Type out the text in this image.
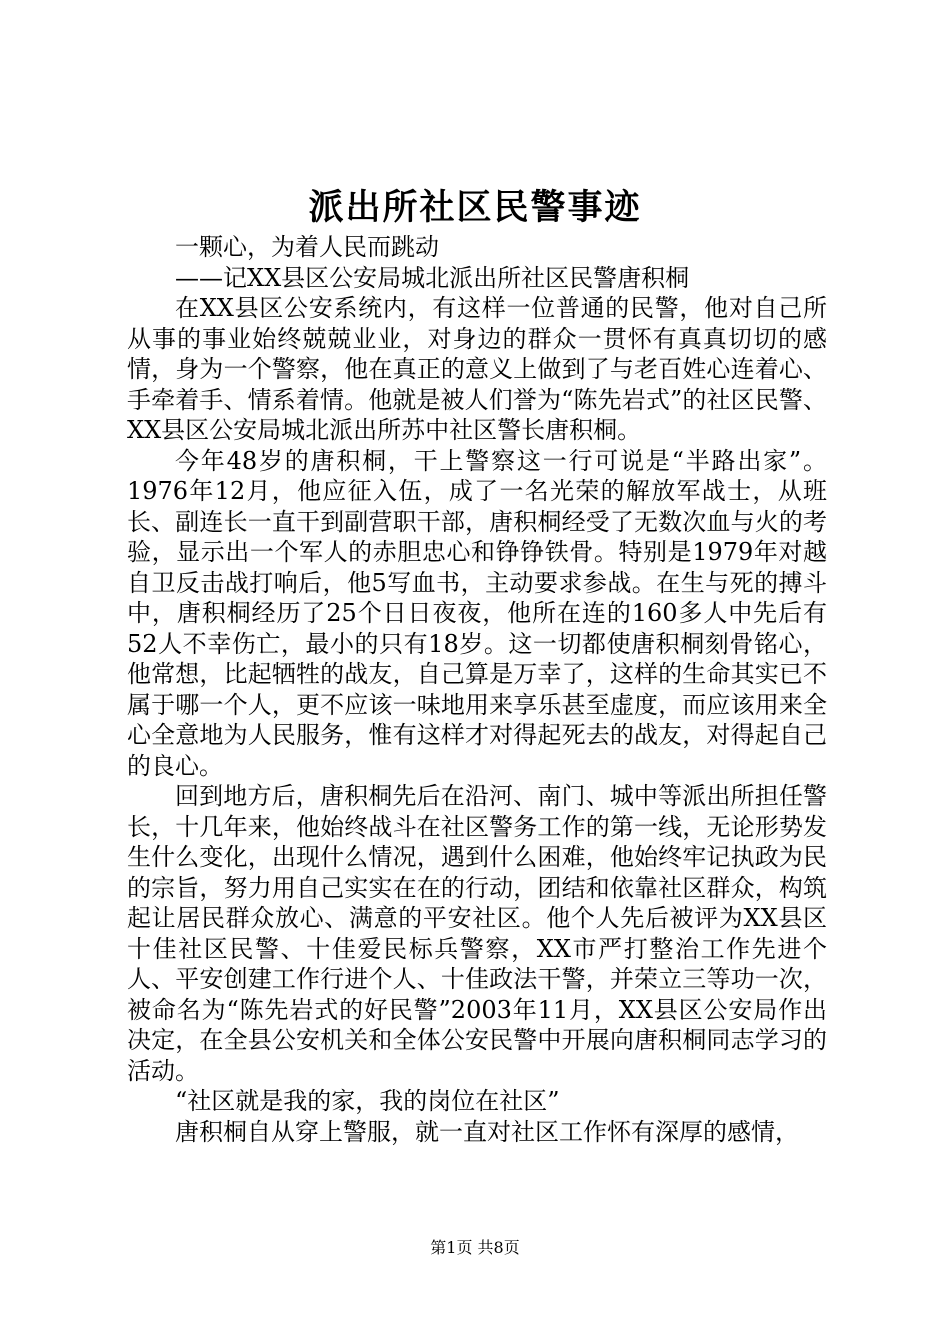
派出所社区民警事迹

一颗心，为着人民而跳动

——记XX县区公安局城北派出所社区民警唐积桐

在XX县区公安系统内，有这样一位普通的民警，他对自己所从事的事业始终兢兢业业，对身边的群众一贯怀有真真切切的感情，身为一个警察，他在真正的意义上做到了与老百姓心连着心、手牵着手、情系着情。他就是被人们誉为“陈先岩式”的社区民警、XX县区公安局城北派出所苏中社区警长唐积桐。

今年48岁的唐积桐，干上警察这一行可说是“半路出家”。1976年12月，他应征入伍，成了一名光荣的解放军战士，从班长、副连长一直干到副营职干部，唐积桐经受了无数次血与火的考验，显示出一个军人的赤胆忠心和铮铮铁骨。特别是1979年对越自卫反击战打响后，他5写血书，主动要求参战。在生与死的搏斗中，唐积桐经历了25个日日夜夜，他所在连的160多人中先后有52人不幸伤亡，最小的只有18岁。这一切都使唐积桐刻骨铭心，他常想，比起牺牲的战友，自己算是万幸了，这样的生命其实已不属于哪一个人，更不应该一味地用来享乐甚至虚度，而应该用来全心全意地为人民服务，惟有这样才对得起死去的战友，对得起自己的良心。

回到地方后，唐积桐先后在沿河、南门、城中等派出所担任警长，十几年来，他始终战斗在社区警务工作的第一线，无论形势发生什么变化，出现什么情况，遇到什么困难，他始终牢记执政为民的宗旨，努力用自己实实在在的行动，团结和依靠社区群众，构筑起让居民群众放心、满意的平安社区。他个人先后被评为XX县区十佳社区民警、十佳爱民标兵警察，XX市严打整治工作先进个人、平安创建工作行进个人、十佳政法干警，并荣立三等功一次，被命名为“陈先岩式的好民警”2003年11月，XX县区公安局作出决定，在全县公安机关和全体公安民警中开展向唐积桐同志学习的活动。

“社区就是我的家，我的岗位在社区”

唐积桐自从穿上警服，就一直对社区工作怀有深厚的感情，

第1页 共8页
